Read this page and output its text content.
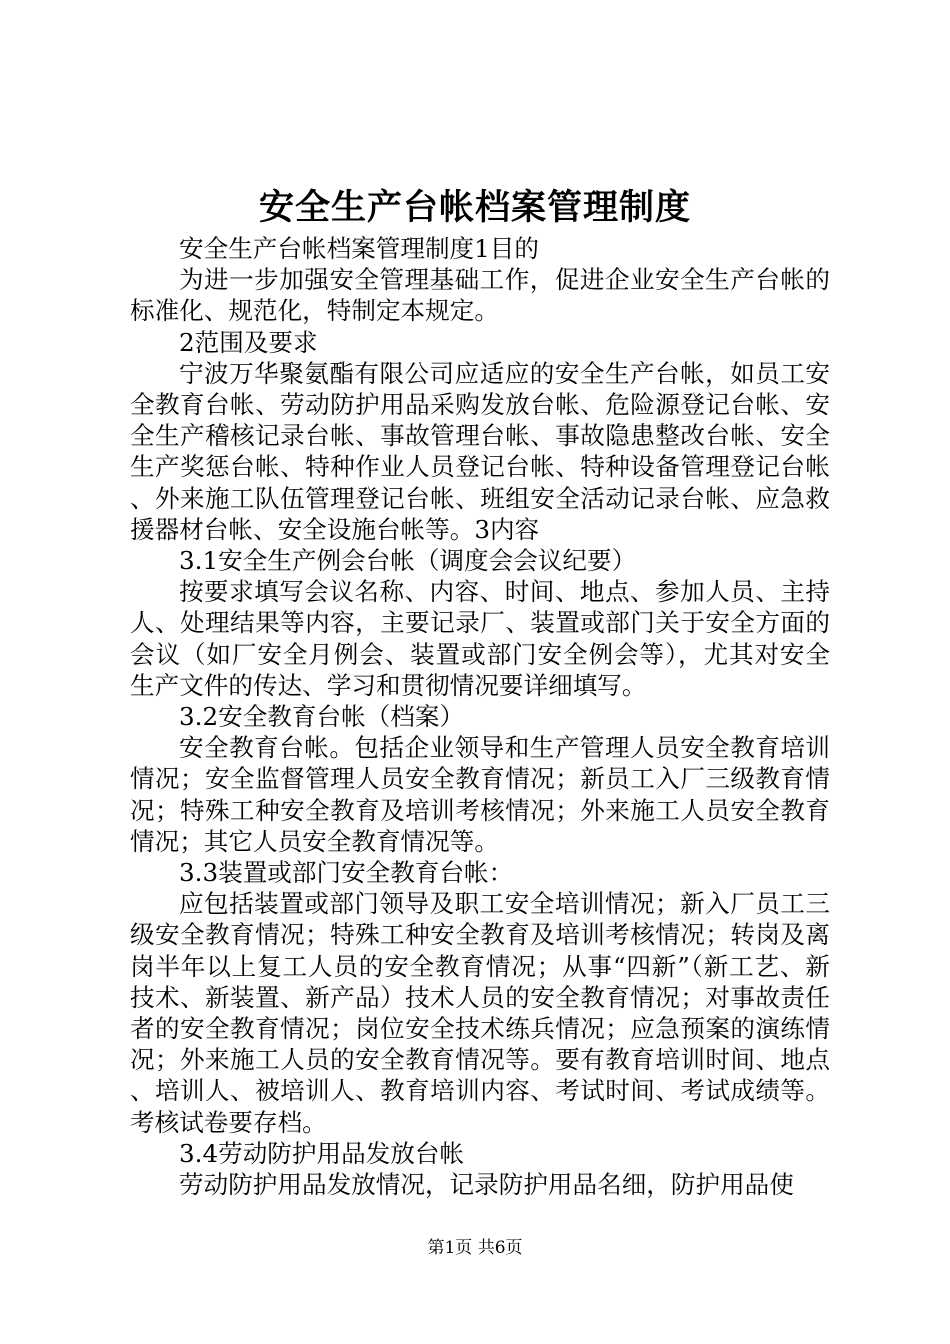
安全生产台帐档案管理制度

安全生产台帐档案管理制度1目的

为进一步加强安全管理基础工作，促进企业安全生产台帐的标准化、规范化，特制定本规定。

2范围及要求

宁波万华聚氨酯有限公司应适应的安全生产台帐，如员工安全教育台帐、劳动防护用品采购发放台帐、危险源登记台帐、安全生产稽核记录台帐、事故管理台帐、事故隐患整改台帐、安全生产奖惩台帐、特种作业人员登记台帐、特种设备管理登记台帐、外来施工队伍管理登记台帐、班组安全活动记录台帐、应急救援器材台帐、安全设施台帐等。3内容

3.1安全生产例会台帐（调度会会议纪要）

按要求填写会议名称、内容、时间、地点、参加人员、主持人、处理结果等内容，主要记录厂、装置或部门关于安全方面的会议（如厂安全月例会、装置或部门安全例会等），尤其对安全生产文件的传达、学习和贯彻情况要详细填写。

3.2安全教育台帐（档案）

安全教育台帐。包括企业领导和生产管理人员安全教育培训情况；安全监督管理人员安全教育情况；新员工入厂三级教育情况；特殊工种安全教育及培训考核情况；外来施工人员安全教育情况；其它人员安全教育情况等。

3.3装置或部门安全教育台帐：

应包括装置或部门领导及职工安全培训情况；新入厂员工三级安全教育情况；特殊工种安全教育及培训考核情况；转岗及离岗半年以上复工人员的安全教育情况；从事“四新”（新工艺、新技术、新装置、新产品）技术人员的安全教育情况；对事故责任者的安全教育情况；岗位安全技术练兵情况；应急预案的演练情况；外来施工人员的安全教育情况等。要有教育培训时间、地点、培训人、被培训人、教育培训内容、考试时间、考试成绩等。考核试卷要存档。

3.4劳动防护用品发放台帐

劳动防护用品发放情况，记录防护用品名细，防护用品使

第1页 共6页
